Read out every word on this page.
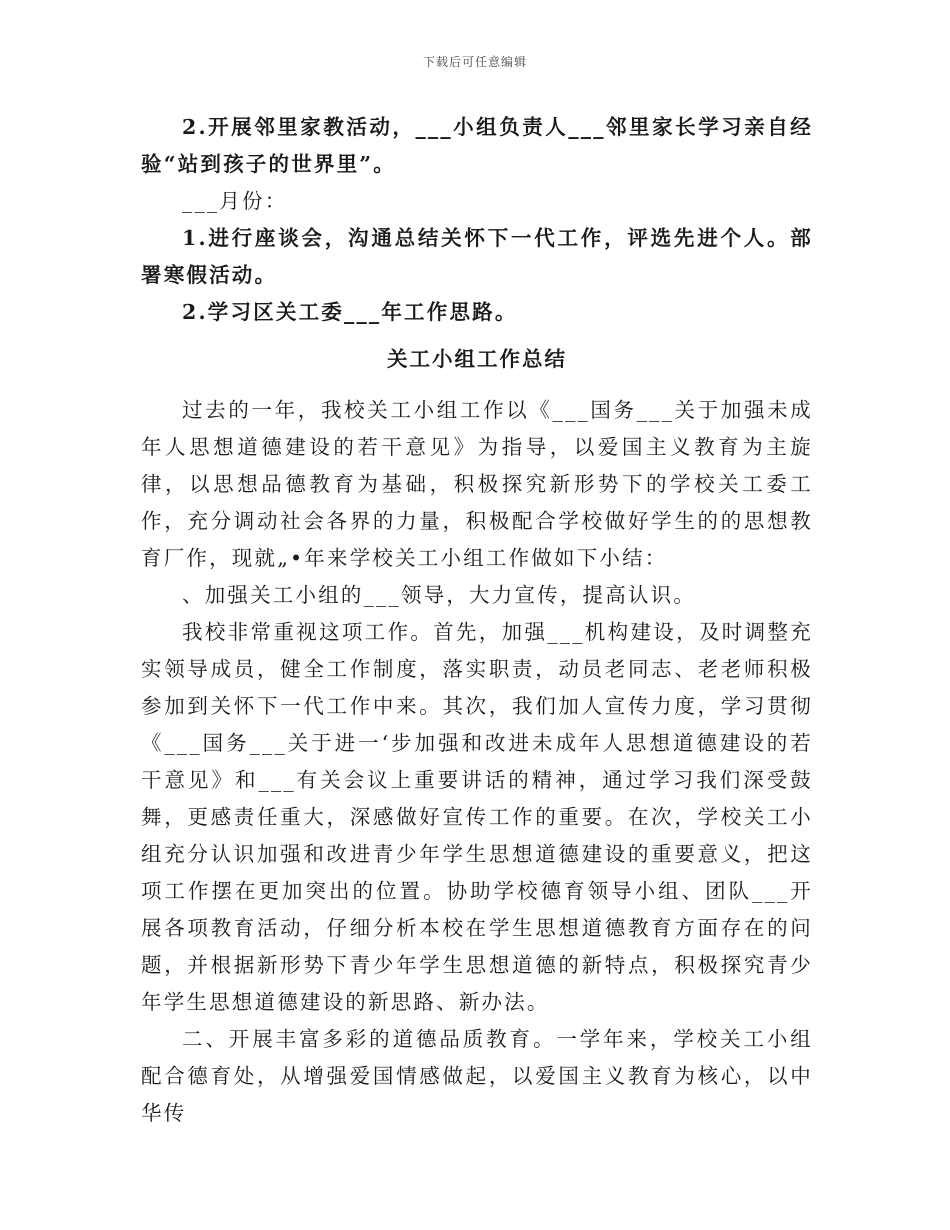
下载后可任意编辑

2.开展邻里家教活动，___小组负责人___邻里家长学习亲自经验“站到孩子的世界里”。

___月份：

1.进行座谈会，沟通总结关怀下一代工作，评选先进个人。部署寒假活动。

2.学习区关工委___年工作思路。

关工小组工作总结

过去的一年，我校关工小组工作以《___国务___关于加强未成年人思想道德建设的若干意见》为指导，以爱国主义教育为主旋律，以思想品德教育为基础，积极探究新形势下的学校关工委工作，充分调动社会各界的力量，积极配合学校做好学生的的思想教育厂作，现就„•年来学校关工小组工作做如下小结：

、加强关工小组的___领导，大力宣传，提高认识。

我校非常重视这项工作。首先，加强___机构建设，及时调整充实领导成员，健全工作制度，落实职责，动员老同志、老老师积极参加到关怀下一代工作中来。其次，我们加人宣传力度，学习贯彻《___国务___关于进一‘步加强和改进未成年人思想道德建设的若干意见》和___有关会议上重要讲话的精神，通过学习我们深受鼓舞，更感责任重大，深感做好宣传工作的重要。在次，学校关工小组充分认识加强和改进青少年学生思想道德建设的重要意义，把这项工作摆在更加突出的位置。协助学校德育领导小组、团队___开展各项教育活动，仔细分析本校在学生思想道德教育方面存在的问题，并根据新形势下青少年学生思想道德的新特点，积极探究青少年学生思想道德建设的新思路、新办法。

二、开展丰富多彩的道德品质教育。一学年来，学校关工小组配合德育处，从增强爱国情感做起，以爱国主义教育为核心，以中华传
